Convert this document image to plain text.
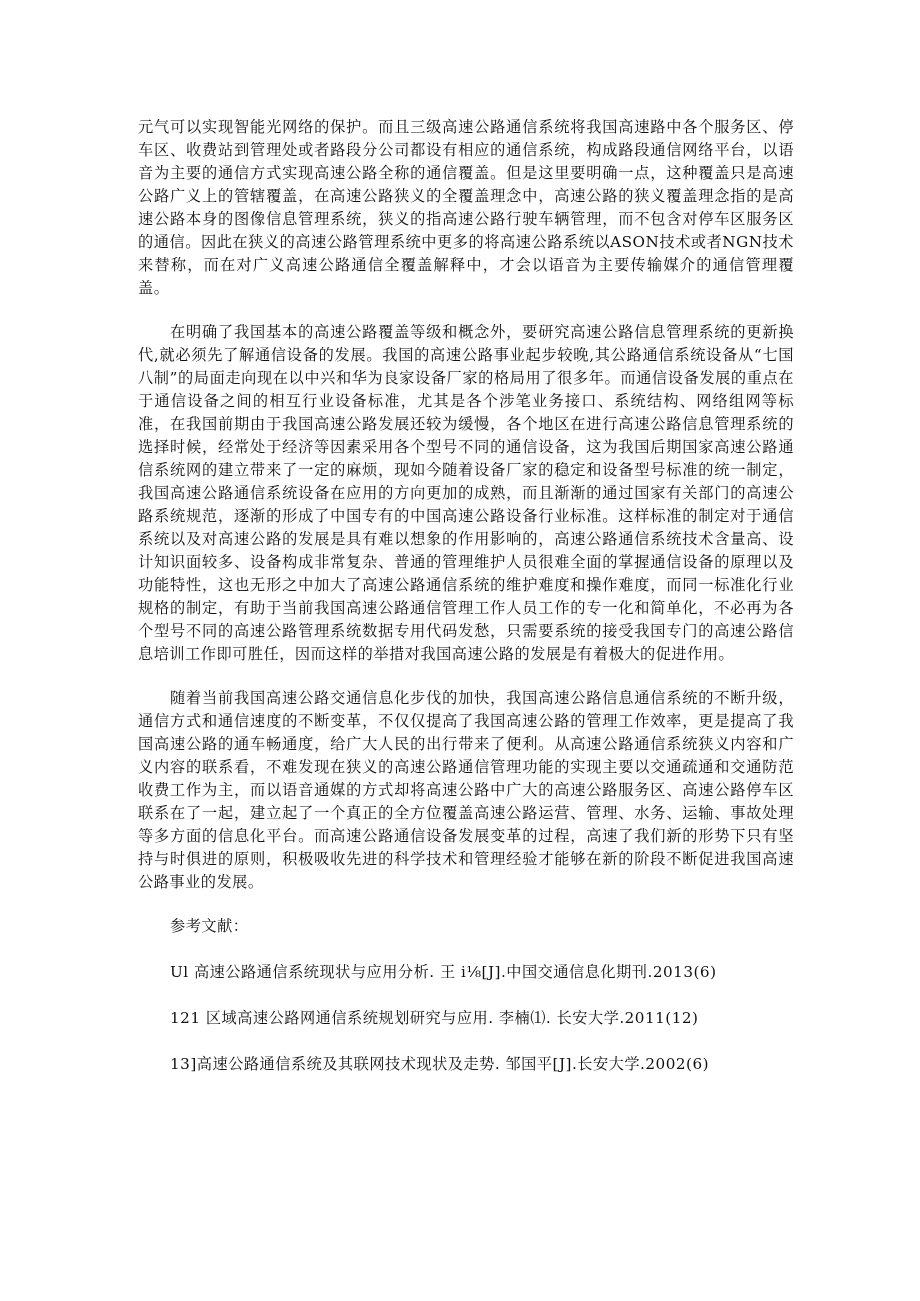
元气可以实现智能光网络的保护。而且三级高速公路通信系统将我国高速路中各个服务区、停车区、收费站到管理处或者路段分公司都设有相应的通信系统，构成路段通信网络平台，以语音为主要的通信方式实现高速公路全称的通信覆盖。但是这里要明确一点，这种覆盖只是高速公路广义上的管辖覆盖，在高速公路狭义的全覆盖理念中，高速公路的狭义覆盖理念指的是高速公路本身的图像信息管理系统，狭义的指高速公路行驶车辆管理，而不包含对停车区服务区的通信。因此在狭义的高速公路管理系统中更多的将高速公路系统以ASON技术或者NGN技术来替称，而在对广义高速公路通信全覆盖解释中，才会以语音为主要传输媒介的通信管理覆盖。

在明确了我国基本的高速公路覆盖等级和概念外，要研究高速公路信息管理系统的更新换代,就必须先了解通信设备的发展。我国的高速公路事业起步较晚,其公路通信系统设备从“七国八制”的局面走向现在以中兴和华为良家设备厂家的格局用了很多年。而通信设备发展的重点在于通信设备之间的相互行业设备标准，尤其是各个涉笔业务接口、系统结构、网络组网等标准，在我国前期由于我国高速公路发展还较为缓慢，各个地区在进行高速公路信息管理系统的选择时候，经常处于经济等因素采用各个型号不同的通信设备，这为我国后期国家高速公路通信系统网的建立带来了一定的麻烦，现如今随着设备厂家的稳定和设备型号标准的统一制定，我国高速公路通信系统设备在应用的方向更加的成熟，而且渐渐的通过国家有关部门的高速公路系统规范，逐渐的形成了中国专有的中国高速公路设备行业标准。这样标准的制定对于通信系统以及对高速公路的发展是具有难以想象的作用影响的，高速公路通信系统技术含量高、设计知识面较多、设备构成非常复杂、普通的管理维护人员很难全面的掌握通信设备的原理以及功能特性，这也无形之中加大了高速公路通信系统的维护难度和操作难度，而同一标准化行业规格的制定，有助于当前我国高速公路通信管理工作人员工作的专一化和简单化，不必再为各个型号不同的高速公路管理系统数据专用代码发愁，只需要系统的接受我国专门的高速公路信息培训工作即可胜任，因而这样的举措对我国高速公路的发展是有着极大的促进作用。

随着当前我国高速公路交通信息化步伐的加快，我国高速公路信息通信系统的不断升级，通信方式和通信速度的不断变革，不仅仅提高了我国高速公路的管理工作效率，更是提高了我国高速公路的通车畅通度，给广大人民的出行带来了便利。从高速公路通信系统狭义内容和广义内容的联系看，不难发现在狭义的高速公路通信管理功能的实现主要以交通疏通和交通防范收费工作为主，而以语音通媒的方式却将高速公路中广大的高速公路服务区、高速公路停车区联系在了一起，建立起了一个真正的全方位覆盖高速公路运营、管理、水务、运输、事故处理等多方面的信息化平台。而高速公路通信设备发展变革的过程，高速了我们新的形势下只有坚持与时俱进的原则，积极吸收先进的科学技术和管理经验才能够在新的阶段不断促进我国高速公路事业的发展。

参考文献：

Ul 高速公路通信系统现状与应用分析. 王 i⅛[J].中国交通信息化期刊.2013(6)

121 区域高速公路网通信系统规划研究与应用. 李楠⑴. 长安大学.2011(12)

13]高速公路通信系统及其联网技术现状及走势. 邹国平[J].长安大学.2002(6)
